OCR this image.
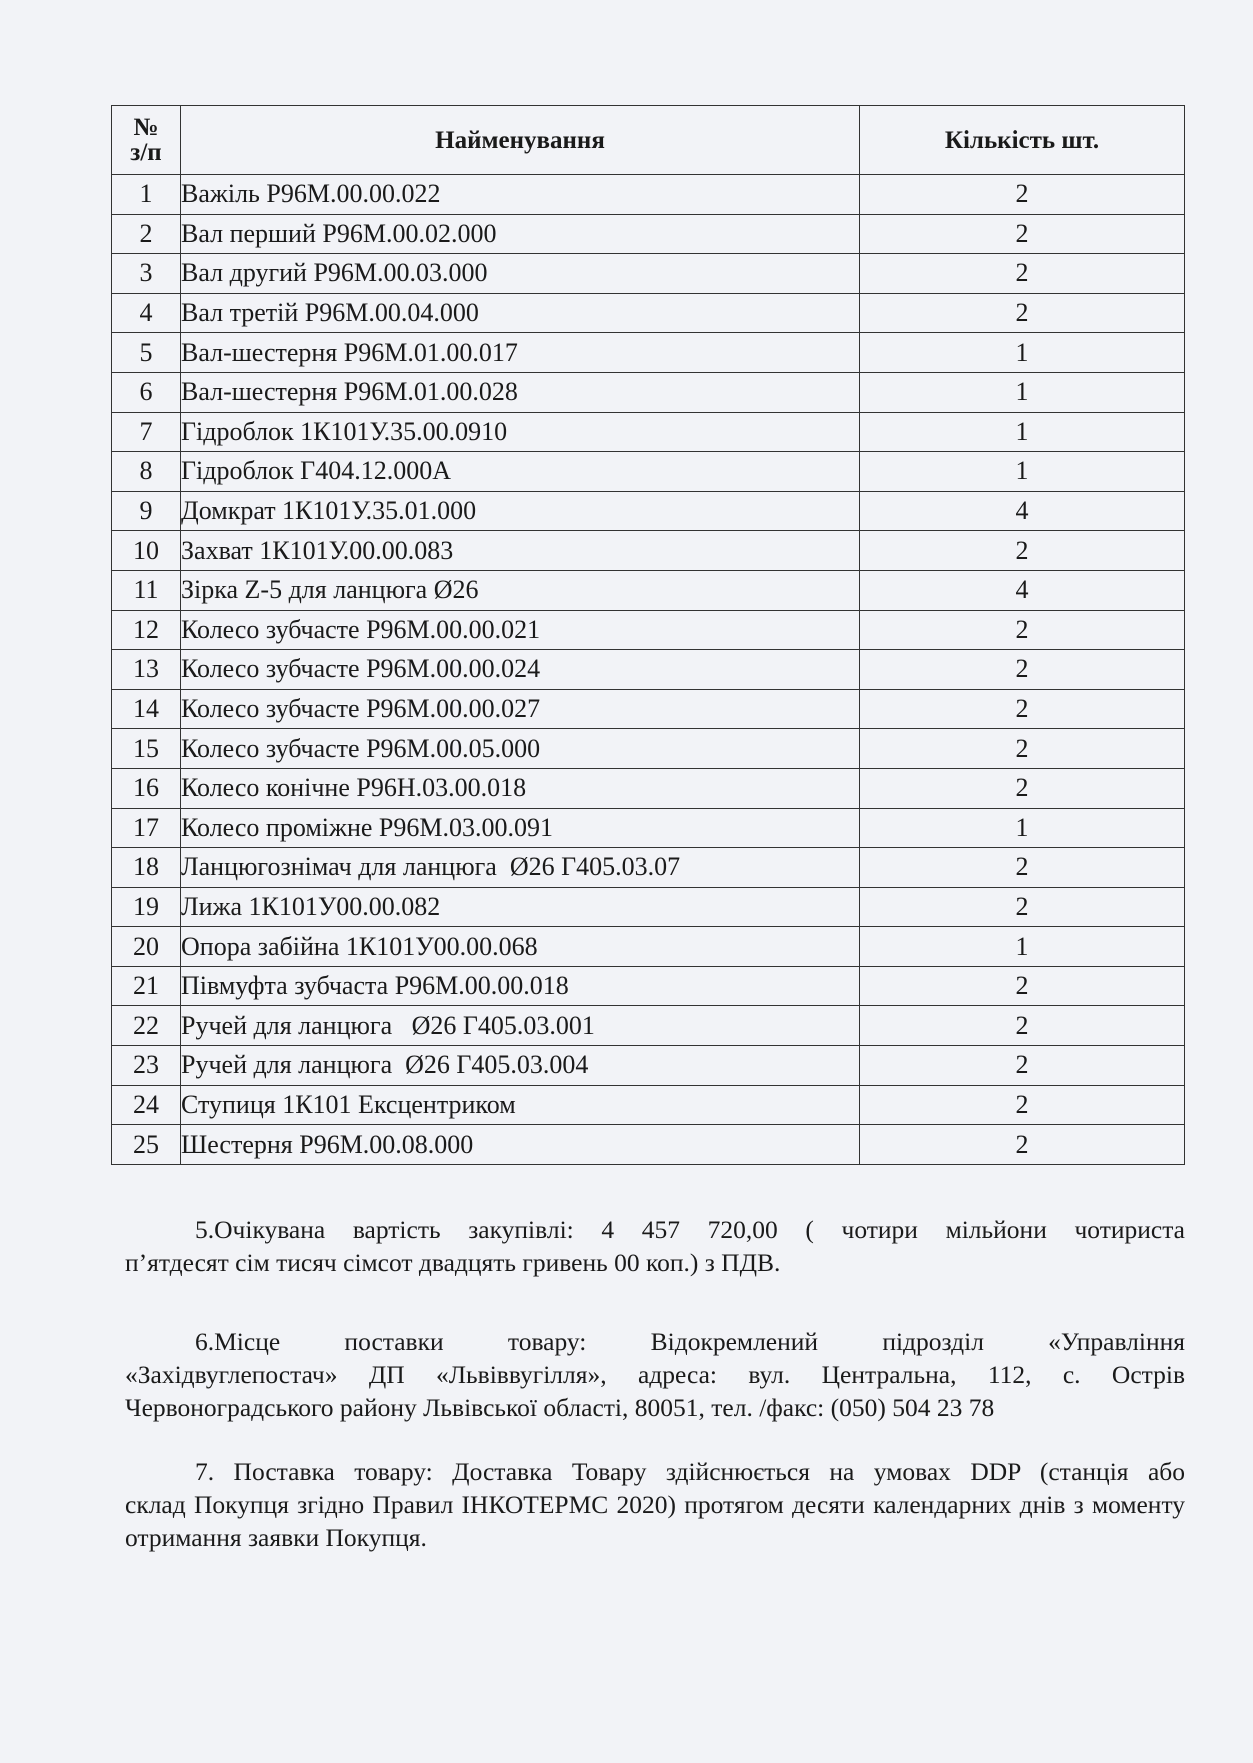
№
з/п	Найменування	Кількість шт.
1	Важіль Р96М.00.00.022	2
2	Вал перший Р96М.00.02.000	2
3	Вал другий Р96М.00.03.000	2
4	Вал третій Р96М.00.04.000	2
5	Вал-шестерня Р96М.01.00.017	1
6	Вал-шестерня Р96М.01.00.028	1
7	Гідроблок 1К101У.35.00.0910	1
8	Гідроблок Г404.12.000А	1
9	Домкрат 1К101У.35.01.000	4
10	Захват 1К101У.00.00.083	2
11	Зірка Z-5 для ланцюга Ø26	4
12	Колесо зубчасте Р96М.00.00.021	2
13	Колесо зубчасте Р96М.00.00.024	2
14	Колесо зубчасте Р96М.00.00.027	2
15	Колесо зубчасте Р96М.00.05.000	2
16	Колесо конічне Р96Н.03.00.018	2
17	Колесо проміжне Р96М.03.00.091	1
18	Ланцюгознімач для ланцюга  Ø26 Г405.03.07	2
19	Лижа 1К101У00.00.082	2
20	Опора забійна 1К101У00.00.068	1
21	Півмуфта зубчаста Р96М.00.00.018	2
22	Ручей для ланцюга   Ø26 Г405.03.001	2
23	Ручей для ланцюга  Ø26 Г405.03.004	2
24	Ступиця 1К101 Ексцентриком	2
25	Шестерня Р96М.00.08.000	2
5.Очікувана вартість закупівлі: 4 457 720,00 ( чотири мільйони чотириста
п’ятдесят сім тисяч сімсот двадцять гривень 00 коп.) з ПДВ.
6.Місце поставки товару: Відокремлений підрозділ «Управління
«Західвуглепостач» ДП «Львіввугілля», адреса: вул. Центральна, 112, с. Острів Червоноградського району Львівської області, 80051, тел. /факс: (050) 504 23 78
7. Поставка товару: Доставка Товару здійснюється на умовах DDP (станція або
склад Покупця згідно Правил ІНКОТЕРМС 2020) протягом десяти календарних днів з моменту отримання заявки Покупця.
